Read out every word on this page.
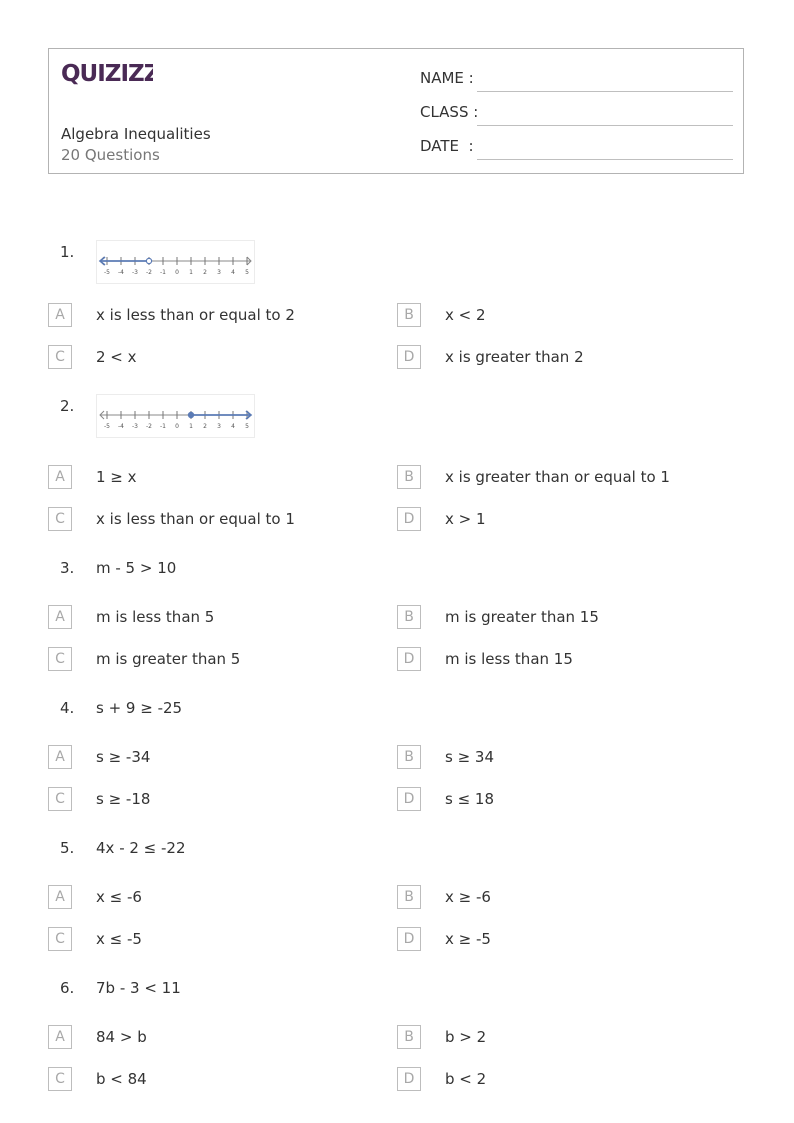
QUIZIZZ
Algebra Inequalities
20 Questions
NAME :
CLASS :
DATE  :
1.
-5 -4 -3 -2 -1 0 1 2 3 4 5
A	x is less than or equal to 2	B	x < 2
C	2 < x	D	x is greater than 2
2.
-5 -4 -3 -2 -1 0 1 2 3 4 5
A	1 ≥ x	B	x is greater than or equal to 1
C	x is less than or equal to 1	D	x > 1
3. m - 5 > 10
A	m is less than 5	B	m is greater than 15
C	m is greater than 5	D	m is less than 15
4. s + 9 ≥ -25
A	s ≥ -34	B	s ≥ 34
C	s ≥ -18	D	s ≤ 18
5. 4x - 2 ≤ -22
A	x ≤ -6	B	x ≥ -6
C	x ≤ -5	D	x ≥ -5
6. 7b - 3 < 11
A	84 > b	B	b > 2
C	b < 84	D	b < 2
